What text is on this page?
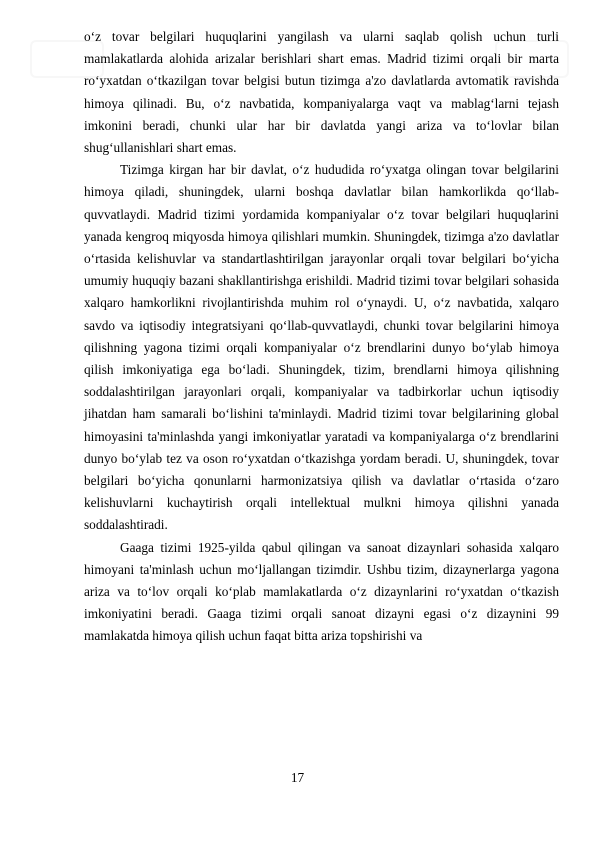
o‘z tovar belgilari huquqlarini yangilash va ularni saqlab qolish uchun turli mamlakatlarda alohida arizalar berishlari shart emas. Madrid tizimi orqali bir marta ro‘yxatdan o‘tkazilgan tovar belgisi butun tizimga a'zo davlatlarda avtomatik ravishda himoya qilinadi. Bu, o‘z navbatida, kompaniyalarga vaqt va mablag‘larni tejash imkonini beradi, chunki ular har bir davlatda yangi ariza va to‘lovlar bilan shug‘ullanishlari shart emas.

Tizimga kirgan har bir davlat, o‘z hududida ro‘yxatga olingan tovar belgilarini himoya qiladi, shuningdek, ularni boshqa davlatlar bilan hamkorlikda qo‘llab-quvvatlaydi. Madrid tizimi yordamida kompaniyalar o‘z tovar belgilari huquqlarini yanada kengroq miqyosda himoya qilishlari mumkin. Shuningdek, tizimga a'zo davlatlar o‘rtasida kelishuvlar va standartlashtirilgan jarayonlar orqali tovar belgilari bo‘yicha umumiy huquqiy bazani shakllantirishga erishildi. Madrid tizimi tovar belgilari sohasida xalqaro hamkorlikni rivojlantirishda muhim rol o‘ynaydi. U, o‘z navbatida, xalqaro savdo va iqtisodiy integratsiyani qo‘llab-quvvatlaydi, chunki tovar belgilarini himoya qilishning yagona tizimi orqali kompaniyalar o‘z brendlarini dunyo bo‘ylab himoya qilish imkoniyatiga ega bo‘ladi. Shuningdek, tizim, brendlarni himoya qilishning soddalashtirilgan jarayonlari orqali, kompaniyalar va tadbirkorlar uchun iqtisodiy jihatdan ham samarali bo‘lishini ta'minlaydi. Madrid tizimi tovar belgilarining global himoyasini ta'minlashda yangi imkoniyatlar yaratadi va kompaniyalarga o‘z brendlarini dunyo bo‘ylab tez va oson ro‘yxatdan o‘tkazishga yordam beradi. U, shuningdek, tovar belgilari bo‘yicha qonunlarni harmonizatsiya qilish va davlatlar o‘rtasida o‘zaro kelishuvlarni kuchaytirish orqali intellektual mulkni himoya qilishni yanada soddalashtiradi.

Gaaga tizimi 1925-yilda qabul qilingan va sanoat dizaynlari sohasida xalqaro himoyani ta'minlash uchun mo‘ljallangan tizimdir. Ushbu tizim, dizaynerlarga yagona ariza va to‘lov orqali ko‘plab mamlakatlarda o‘z dizaynlarini ro‘yxatdan o‘tkazish imkoniyatini beradi. Gaaga tizimi orqali sanoat dizayni egasi o‘z dizaynini 99 mamlakatda himoya qilish uchun faqat bitta ariza topshirishi va

17
